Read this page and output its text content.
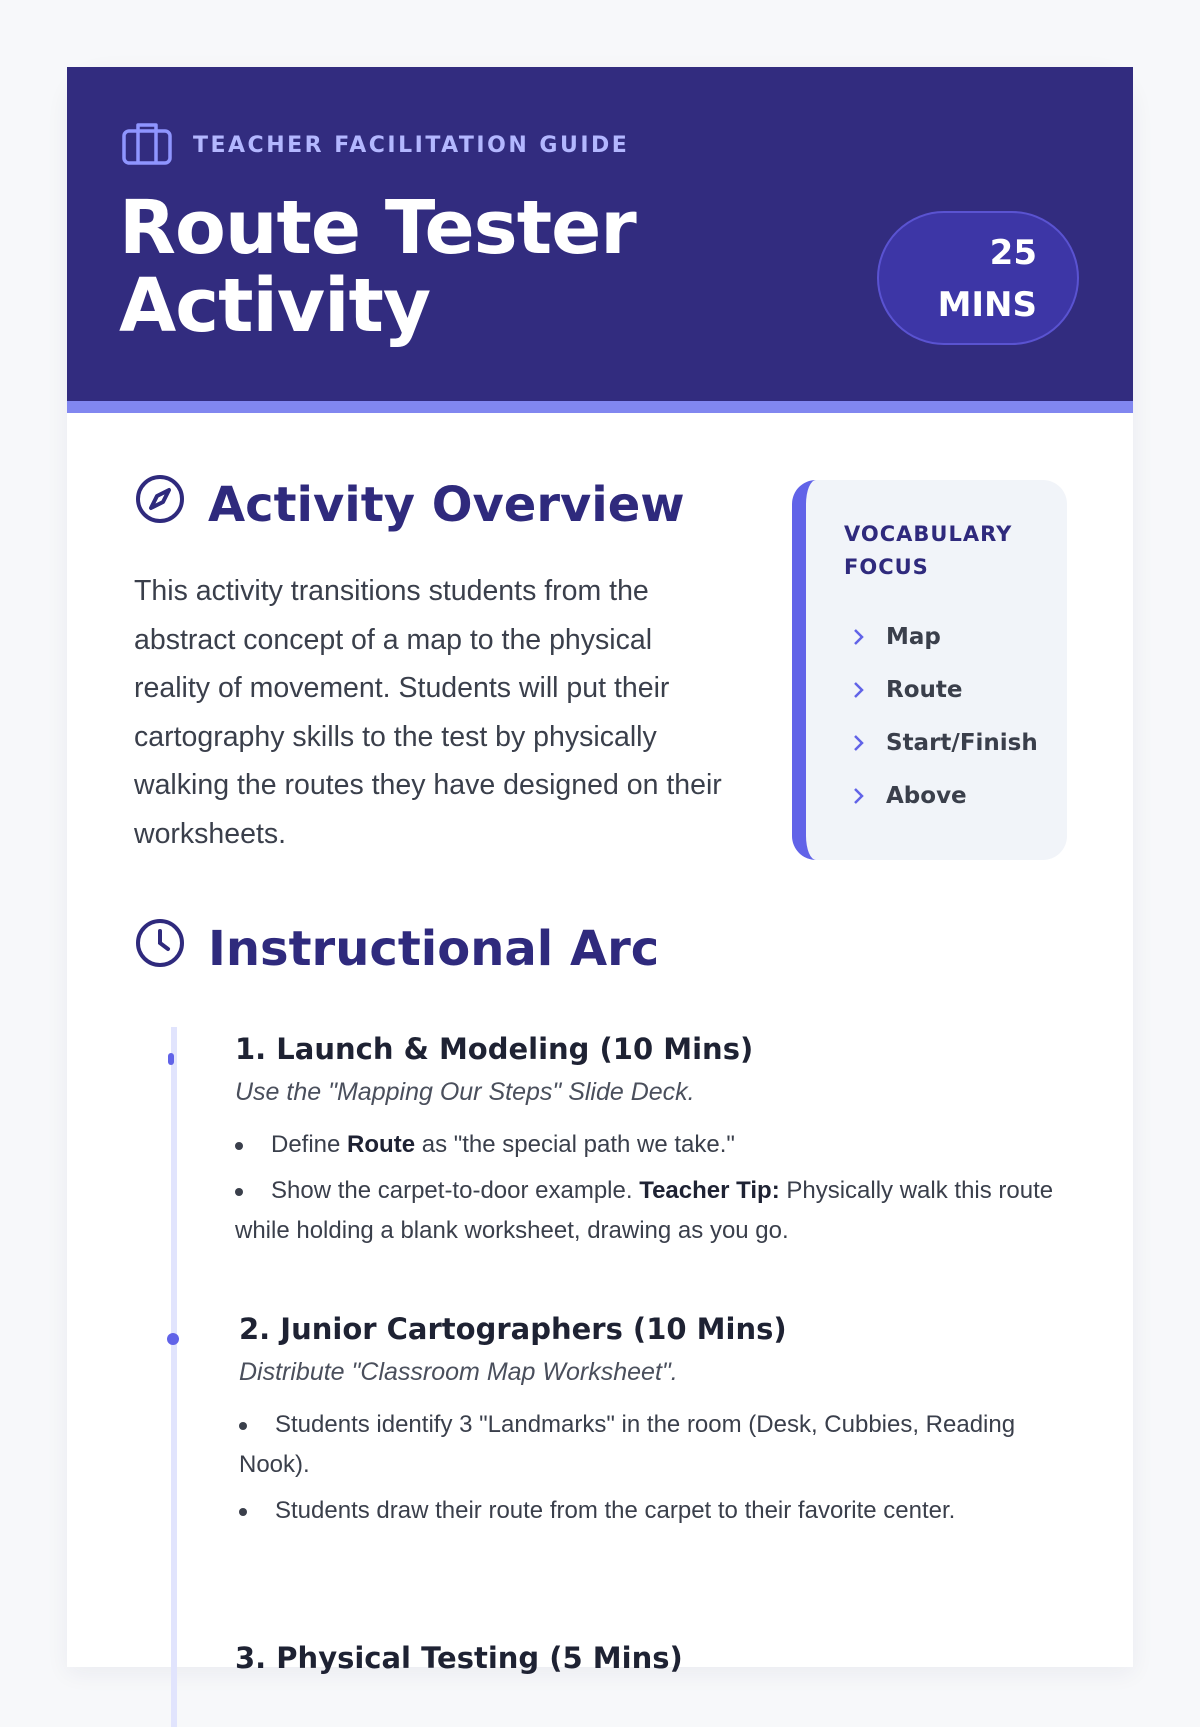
TEACHER FACILITATION GUIDE
Route Tester
Activity
25
MINS
Activity Overview

This activity transitions students from the abstract concept of a map to the physical reality of movement. Students will put their cartography skills to the test by physically walking the routes they have designed on their worksheets.

VOCABULARY FOCUS
Map
Route
Start/Finish
Above
Instructional Arc
1. Launch & Modeling (10 Mins)
Use the "Mapping Our Steps" Slide Deck.
Define Route as "the special path we take."
Show the carpet-to-door example. Teacher Tip: Physically walk this route while holding a blank worksheet, drawing as you go.
2. Junior Cartographers (10 Mins)
Distribute "Classroom Map Worksheet".
Students identify 3 "Landmarks" in the room (Desk, Cubbies, Reading Nook).
Students draw their route from the carpet to their favorite center.
3. Physical Testing (5 Mins)
